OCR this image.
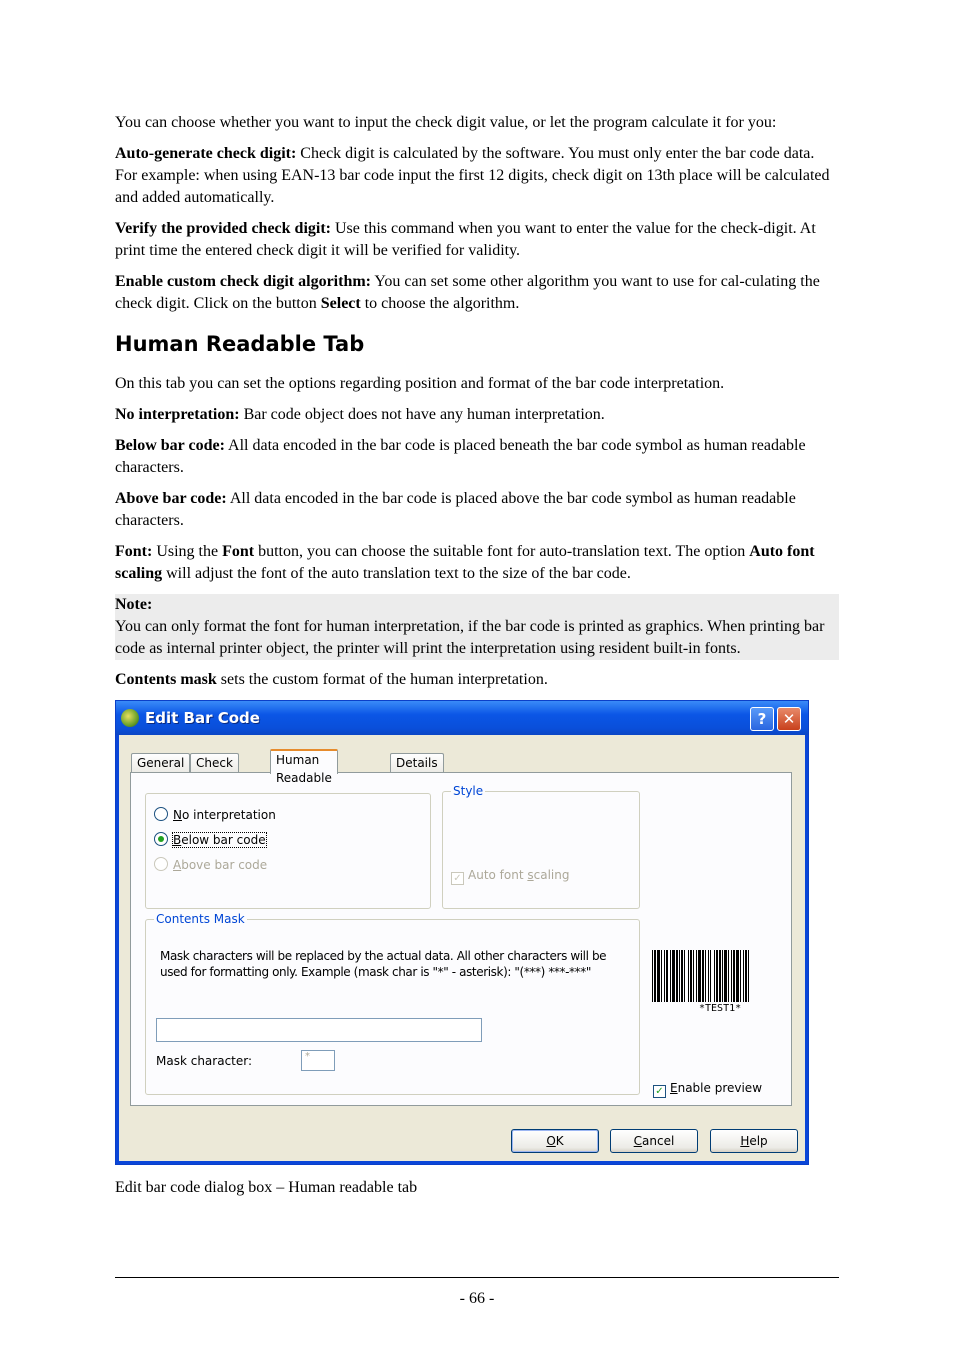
You can choose whether you want to input the check digit value, or let the program calculate it for you:

Auto-generate check digit: Check digit is calculated by the software. You must only enter the bar code data. For example: when using EAN-13 bar code input the first 12 digits, check digit on 13th place will be calculated and added automatically.

Verify the provided check digit: Use this command when you want to enter the value for the check-digit. At print time the entered check digit it will be verified for validity.

Enable custom check digit algorithm: You can set some other algorithm you want to use for cal-culating the check digit. Click on the button Select to choose the algorithm.

Human Readable Tab

On this tab you can set the options regarding position and format of the bar code interpretation.

No interpretation: Bar code object does not have any human interpretation.

Below bar code: All data encoded in the bar code is placed beneath the bar code symbol as human readable characters.

Above bar code: All data encoded in the bar code is placed above the bar code symbol as human readable characters.

Font: Using the Font button, you can choose the suitable font for auto-translation text. The option Auto font scaling will adjust the font of the auto translation text to the size of the bar code.

Note:
You can only format the font for human interpretation, if the bar code is printed as graphics. When printing bar code as internal printer object, the printer will print the interpretation using resident built-in fonts.

Contents mask sets the custom format of the human interpretation.

Edit Bar Code	?	✕
General Check	Human Readable
Details
No interpretation
Below bar code
Above bar code
Style
✓ Auto font scaling
Contents Mask
Mask characters will be replaced by the actual data. All other characters will be used for formatting only. Example (mask char is "*" - asterisk): "(***) ***-***"
Mask character:	*
*TEST1*
✓ Enable preview
OK	Cancel	Help

Edit bar code dialog box – Human readable tab

- 66 -
